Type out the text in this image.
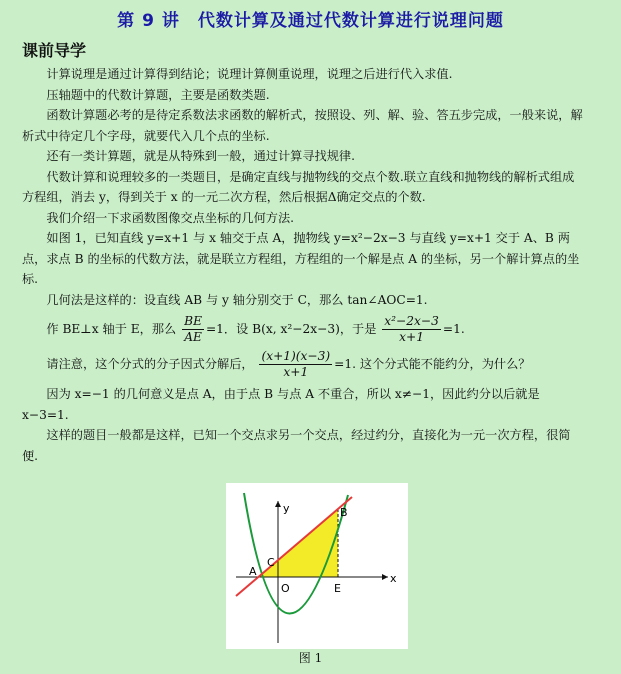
第 9 讲 代数计算及通过代数计算进行说理问题
课前导学

计算说理是通过计算得到结论；说理计算侧重说理，说理之后进行代入求值.

压轴题中的代数计算题，主要是函数类题.

函数计算题必考的是待定系数法求函数的解析式，按照设、列、解、验、答五步完成，一般来说，解析式中待定几个字母，就要代入几个点的坐标.

还有一类计算题，就是从特殊到一般，通过计算寻找规律.

代数计算和说理较多的一类题目，是确定直线与抛物线的交点个数.联立直线和抛物线的解析式组成方程组，消去 y，得到关于 x 的一元二次方程，然后根据Δ确定交点的个数.

我们介绍一下求函数图像交点坐标的几何方法.

如图 1，已知直线 y=x+1 与 x 轴交于点 A，抛物线 y=x²−2x−3 与直线 y=x+1 交于 A、B 两点，求点 B 的坐标的代数方法，就是联立方程组，方程组的一个解是点 A 的坐标，另一个解计算点的坐标.

几何法是这样的：设直线 AB 与 y 轴分别交于 C，那么 tan∠AOC=1.

作 BE⊥x 轴于 E，那么 $\frac{BE}{AE} =1$．设 B(x, x²−2x−3)，于是 $\frac{\text{x²−2x−3}}{x+1} =1$.

请注意，这个分式的分子因式分解后， $\frac{(x+1)(x-3)}{x+1} =1$. 这个分式能不能约分，为什么？

因为 x=−1 的几何意义是点 A，由于点 B 与点 A 不重合，所以 x≠−1，因此约分以后就是 x−3=1.

这样的题目一般都是这样，已知一个交点求另一个交点，经过约分，直接化为一元一次方程，很简便.

y
x
A
B
C
O	E
图 1
